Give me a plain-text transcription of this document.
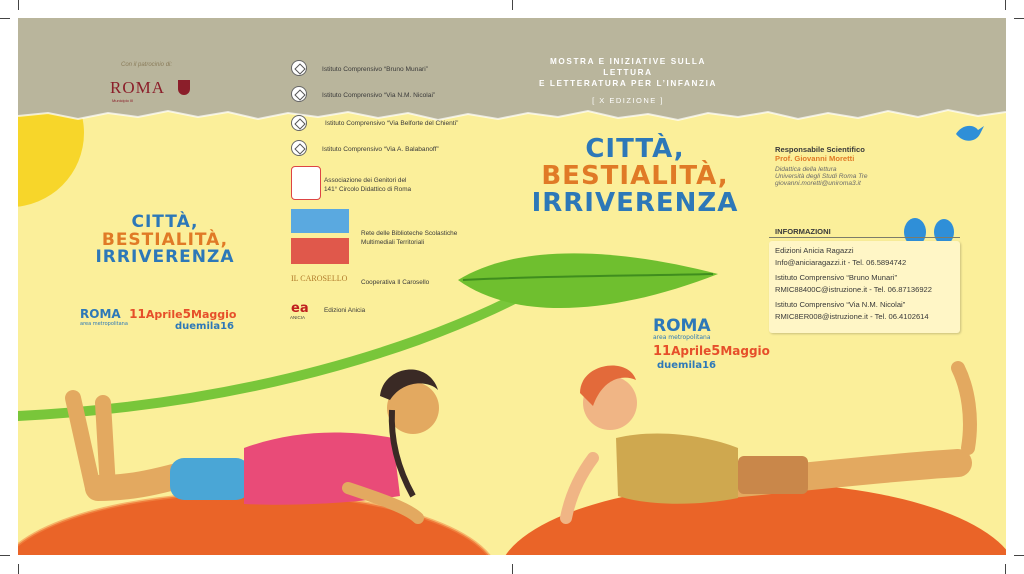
Con il patrocinio di:
ROMA
Municipio III
Istituto Comprensivo “Bruno Munari”
Istituto Comprensivo “Via N.M. Nicolai”
Istituto Comprensivo “Via Belforte del Chienti”
Istituto Comprensivo “Via A. Balabanoff”
Associazione dei Genitori del
141° Circolo Didattico di Roma
Rete delle Biblioteche Scolastiche
Multimediali Territoriali
IL CAROSELLO Cooperativa Il Carosello
ea
ANICIA
Edizioni Anicia
MOSTRA E INIZIATIVE SULLA LETTURA
E LETTERATURA PER L’INFANZIA
[ X EDIZIONE ]
CITTÀ,
BESTIALITÀ,
IRRIVERENZA
ROMA 11Aprile5Maggio
area metropolitana	duemila16
CITTÀ,
BESTIALITÀ,
IRRIVERENZA
ROMA
area metropolitana
11Aprile5Maggio
duemila16
Responsabile Scientifico
Prof. Giovanni Moretti
Didattica della lettura
Università degli Studi Roma Tre
giovanni.moretti@uniroma3.it
INFORMAZIONI
Edizioni Anicia Ragazzi
Info@aniciaragazzi.it - Tel. 06.5894742
Istituto Comprensivo “Bruno Munari”
RMIC88400C@istruzione.it - Tel. 06.87136922
Istituto Comprensivo “Via N.M. Nicolai”
RMIC8ER008@istruzione.it - Tel. 06.4102614
